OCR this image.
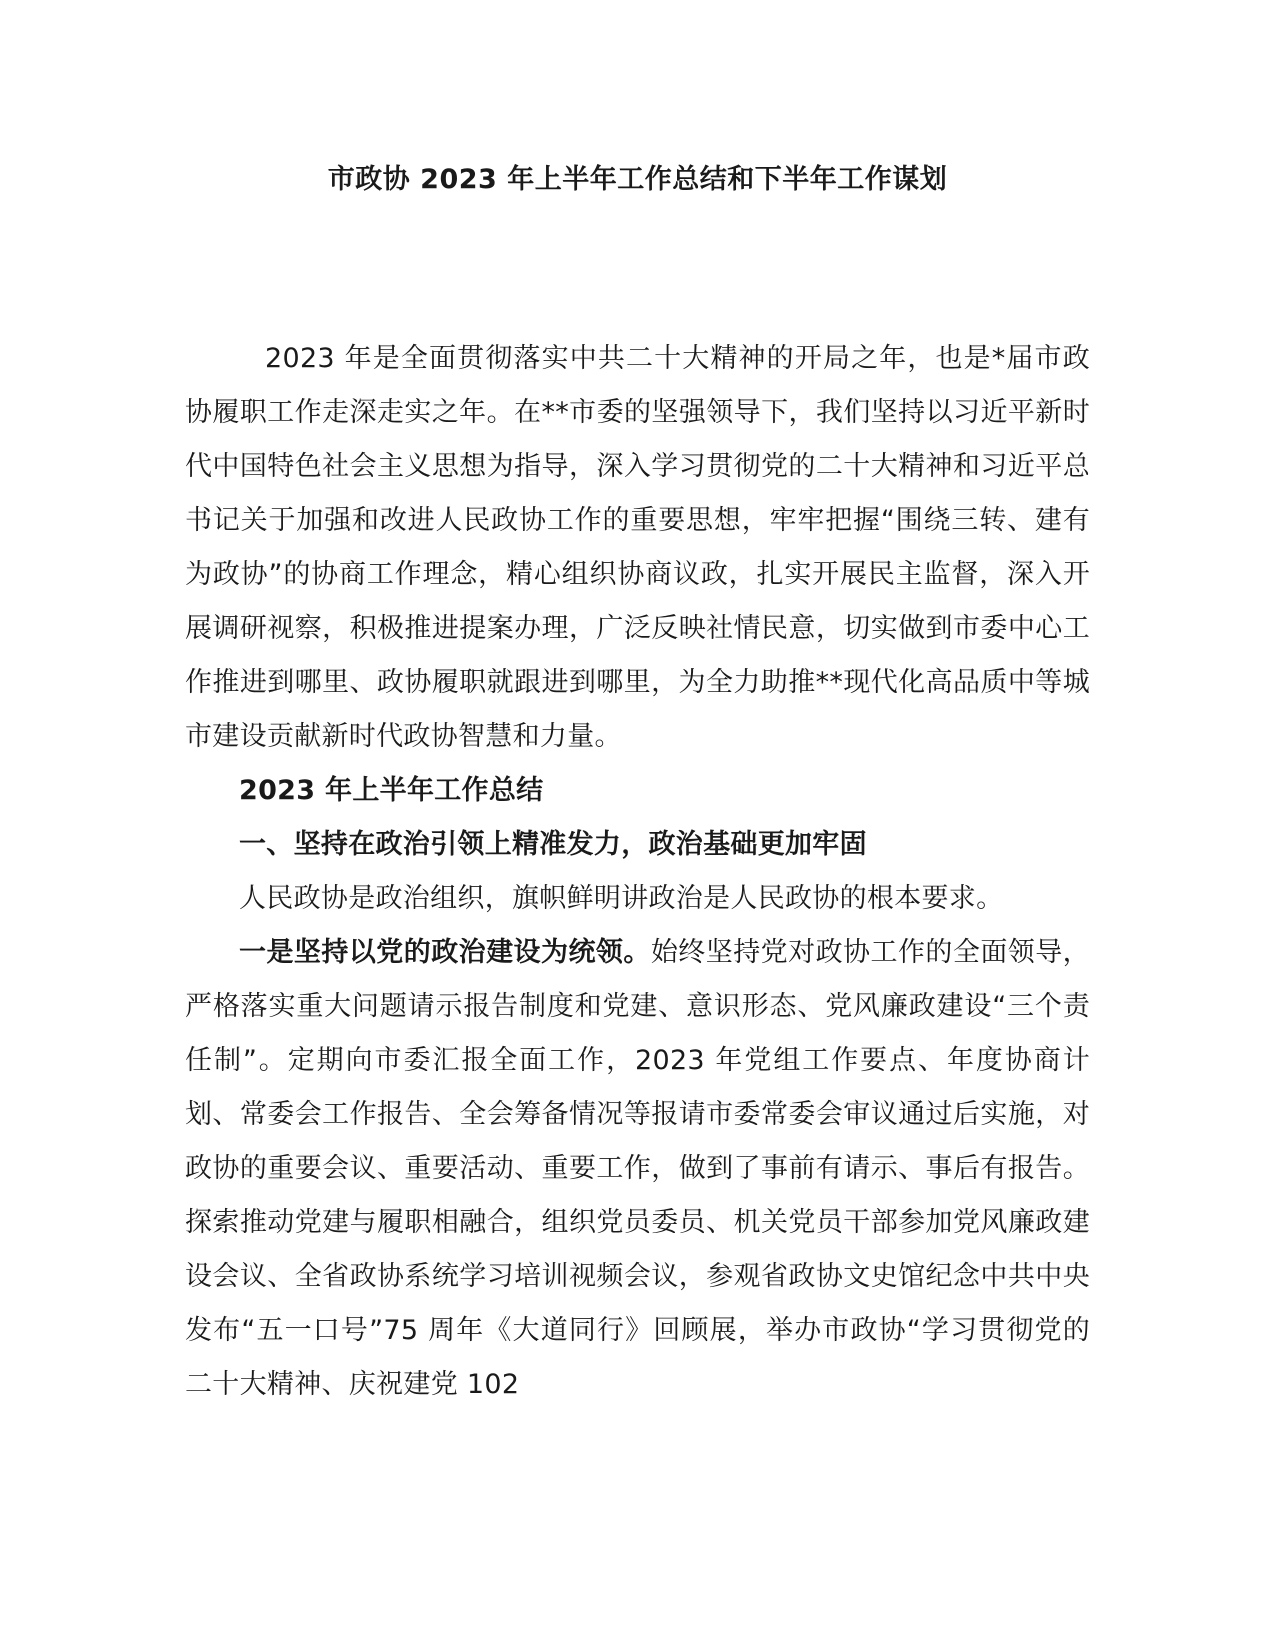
市政协 2023 年上半年工作总结和下半年工作谋划

2023 年是全面贯彻落实中共二十大精神的开局之年，也是*届市政协履职工作走深走实之年。在**市委的坚强领导下，我们坚持以习近平新时代中国特色社会主义思想为指导，深入学习贯彻党的二十大精神和习近平总书记关于加强和改进人民政协工作的重要思想，牢牢把握“围绕三转、建有为政协”的协商工作理念，精心组织协商议政，扎实开展民主监督，深入开展调研视察，积极推进提案办理，广泛反映社情民意，切实做到市委中心工作推进到哪里、政协履职就跟进到哪里，为全力助推**现代化高品质中等城市建设贡献新时代政协智慧和力量。

2023 年上半年工作总结

一、坚持在政治引领上精准发力，政治基础更加牢固

人民政协是政治组织，旗帜鲜明讲政治是人民政协的根本要求。

一是坚持以党的政治建设为统领。始终坚持党对政协工作的全面领导，严格落实重大问题请示报告制度和党建、意识形态、党风廉政建设“三个责任制”。定期向市委汇报全面工作，2023 年党组工作要点、年度协商计划、常委会工作报告、全会筹备情况等报请市委常委会审议通过后实施，对政协的重要会议、重要活动、重要工作，做到了事前有请示、事后有报告。探索推动党建与履职相融合，组织党员委员、机关党员干部参加党风廉政建设会议、全省政协系统学习培训视频会议，参观省政协文史馆纪念中共中央发布“五一口号”75 周年《大道同行》回顾展，举办市政协“学习贯彻党的二十大精神、庆祝建党 102
